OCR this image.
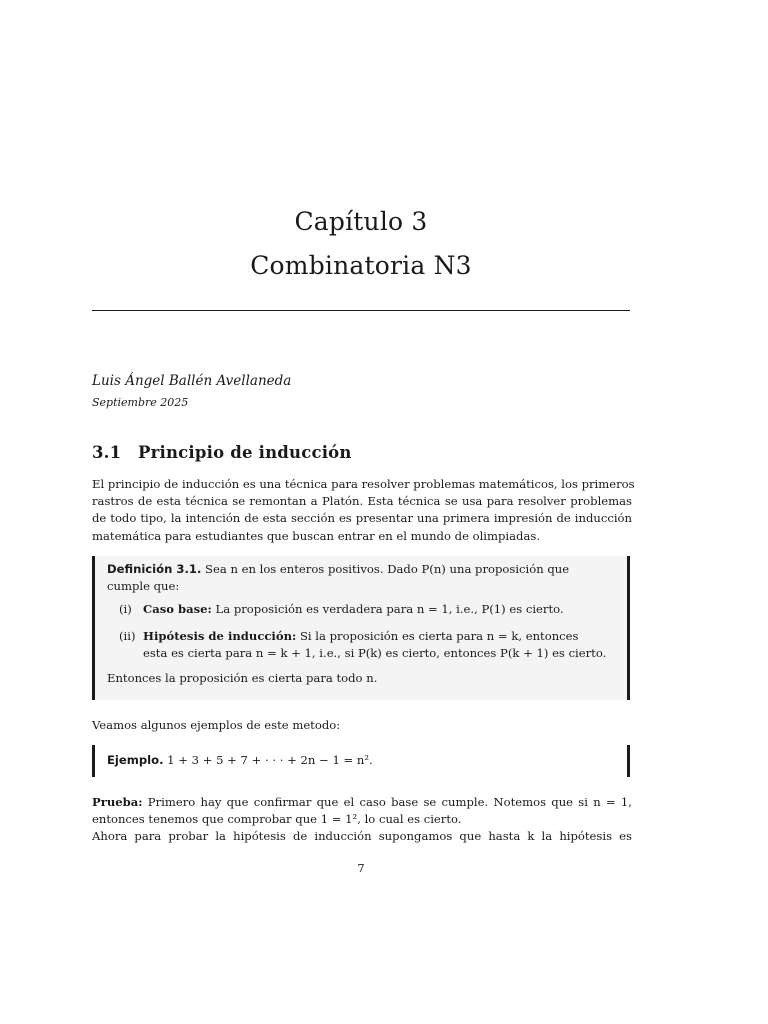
Capítulo 3
Combinatoria N3
Luis Ángel Ballén Avellaneda
Septiembre 2025
3.1 Principio de inducción
El principio de inducción es una técnica para resolver problemas matemáticos, los primeros
rastros de esta técnica se remontan a Platón. Esta técnica se usa para resolver problemas
de todo tipo, la intención de esta sección es presentar una primera impresión de inducción
matemática para estudiantes que buscan entrar en el mundo de olimpiadas.
Definición 3.1. Sea n en los enteros positivos. Dado P(n) una proposición que
cumple que:
(i) Caso base: La proposición es verdadera para n = 1, i.e., P(1) es cierto.
(ii) Hipótesis de inducción: Si la proposición es cierta para n = k, entonces
esta es cierta para n = k + 1, i.e., si P(k) es cierto, entonces P(k + 1) es cierto.
Entonces la proposición es cierta para todo n.
Veamos algunos ejemplos de este metodo:
Ejemplo. 1 + 3 + 5 + 7 + · · · + 2n − 1 = n².
Prueba: Primero hay que confirmar que el caso base se cumple. Notemos que si n = 1,
entonces tenemos que comprobar que 1 = 1², lo cual es cierto.
Ahora para probar la hipótesis de inducción supongamos que hasta k la hipótesis es
7
